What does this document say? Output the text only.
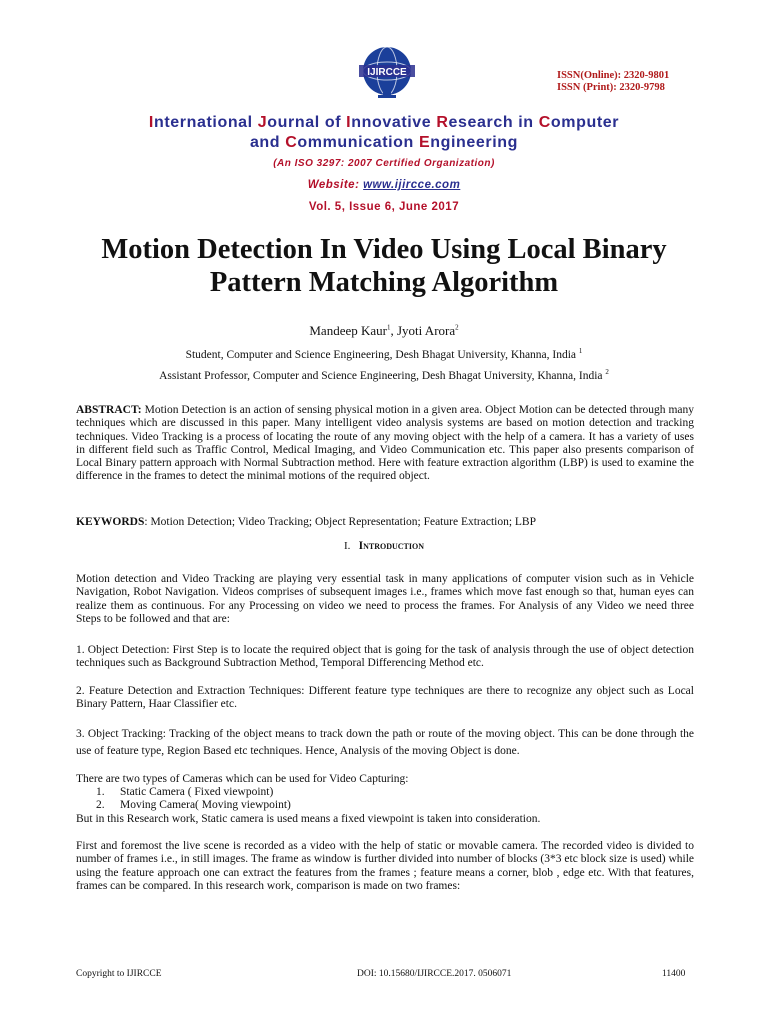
IJIRCCE	ISSN(Online): 2320-9801
ISSN (Print): 2320-9798
International Journal of Innovative Research in Computer
and Communication Engineering
(An ISO 3297: 2007 Certified Organization)
Website: www.ijircce.com
Vol. 5, Issue 6, June 2017
Motion Detection In Video Using Local Binary
Pattern Matching Algorithm
Mandeep Kaur$^1$, Jyoti Arora$^2$
Student, Computer and Science Engineering, Desh Bhagat University, Khanna, India $^1$
Assistant Professor, Computer and Science Engineering, Desh Bhagat University, Khanna, India $^2$
ABSTRACT: Motion Detection is an action of sensing physical motion in a given area. Object Motion can be detected through many techniques which are discussed in this paper. Many intelligent video analysis systems are based on motion detection and tracking techniques. Video Tracking is a process of locating the route of any moving object with the help of a camera. It has a variety of uses in different field such as Traffic Control, Medical Imaging, and Video Communication etc. This paper also presents comparison of Local Binary pattern approach with Normal Subtraction method. Here with feature extraction algorithm (LBP) is used to examine the difference in the frames to detect the minimal motions of the required object.
KEYWORDS: Motion Detection; Video Tracking; Object Representation; Feature Extraction; LBP
I. Introduction
Motion detection and Video Tracking are playing very essential task in many applications of computer vision such as in Vehicle Navigation, Robot Navigation. Videos comprises of subsequent images i.e., frames which move fast enough so that, human eyes can realize them as continuous. For any Processing on video we need to process the frames. For Analysis of any Video we need three Steps to be followed and that are:
1. Object Detection: First Step is to locate the required object that is going for the task of analysis through the use of object detection techniques such as Background Subtraction Method, Temporal Differencing Method etc.
2. Feature Detection and Extraction Techniques: Different feature type techniques are there to recognize any object such as Local Binary Pattern, Haar Classifier etc.
3. Object Tracking: Tracking of the object means to track down the path or route of the moving object. This can be done through the use of feature type, Region Based etc techniques. Hence, Analysis of the moving Object is done.
There are two types of Cameras which can be used for Video Capturing:
1. Static Camera ( Fixed viewpoint)
2. Moving Camera( Moving viewpoint)
But in this Research work, Static camera is used means a fixed viewpoint is taken into consideration.
First and foremost the live scene is recorded as a video with the help of static or movable camera. The recorded video is divided to number of frames i.e., in still images. The frame as window is further divided into number of blocks (3*3 etc block size is used) while using the feature approach one can extract the features from the frames ; feature means a corner, blob , edge etc. With that features, frames can be compared. In this research work, comparison is made on two frames:
Copyright to IJIRCCE	DOI: 10.15680/IJIRCCE.2017. 0506071	11400
